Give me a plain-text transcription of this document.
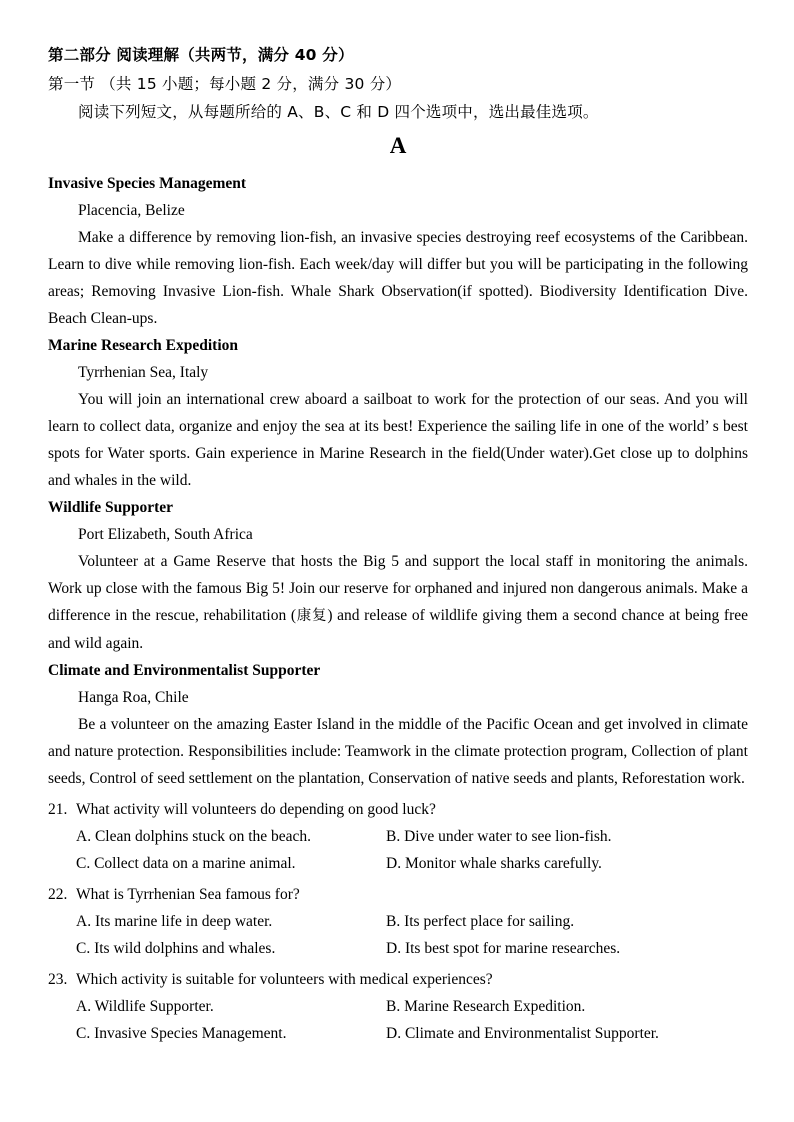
第二部分 阅读理解（共两节，满分 40 分）
第一节 （共 15 小题；每小题 2 分，满分 30 分）
阅读下列短文，从每题所给的 A、B、C 和 D 四个选项中，选出最佳选项。
A
Invasive Species Management
Placencia, Belize
Make a difference by removing lion-fish, an invasive species destroying reef ecosystems of the Caribbean. Learn to dive while removing lion-fish. Each week/day will differ but you will be participating in the following areas; Removing Invasive Lion-fish. Whale Shark Observation(if spotted). Biodiversity Identification Dive. Beach Clean-ups.
Marine Research Expedition
Tyrrhenian Sea, Italy
You will join an international crew aboard a sailboat to work for the protection of our seas. And you will learn to collect data, organize and enjoy the sea at its best! Experience the sailing life in one of the world’ s best spots for Water sports. Gain experience in Marine Research in the field(Under water).Get close up to dolphins and whales in the wild.
Wildlife Supporter
Port Elizabeth, South Africa
Volunteer at a Game Reserve that hosts the Big 5 and support the local staff in monitoring the animals. Work up close with the famous Big 5! Join our reserve for orphaned and injured non dangerous animals. Make a difference in the rescue, rehabilitation (康复) and release of wildlife giving them a second chance at being free and wild again.
Climate and Environmentalist Supporter
Hanga Roa, Chile
Be a volunteer on the amazing Easter Island in the middle of the Pacific Ocean and get involved in climate and nature protection. Responsibilities include: Teamwork in the climate protection program, Collection of plant seeds, Control of seed settlement on the plantation, Conservation of native seeds and plants, Reforestation work.
21. What activity will volunteers do depending on good luck?
A. Clean dolphins stuck on the beach.	B. Dive under water to see lion-fish.
C. Collect data on a marine animal.	D. Monitor whale sharks carefully.
22. What is Tyrrhenian Sea famous for?
A. Its marine life in deep water.	B. Its perfect place for sailing.
C. Its wild dolphins and whales.	D. Its best spot for marine researches.
23. Which activity is suitable for volunteers with medical experiences?
A. Wildlife Supporter.	B. Marine Research Expedition.
C. Invasive Species Management.	D. Climate and Environmentalist Supporter.
